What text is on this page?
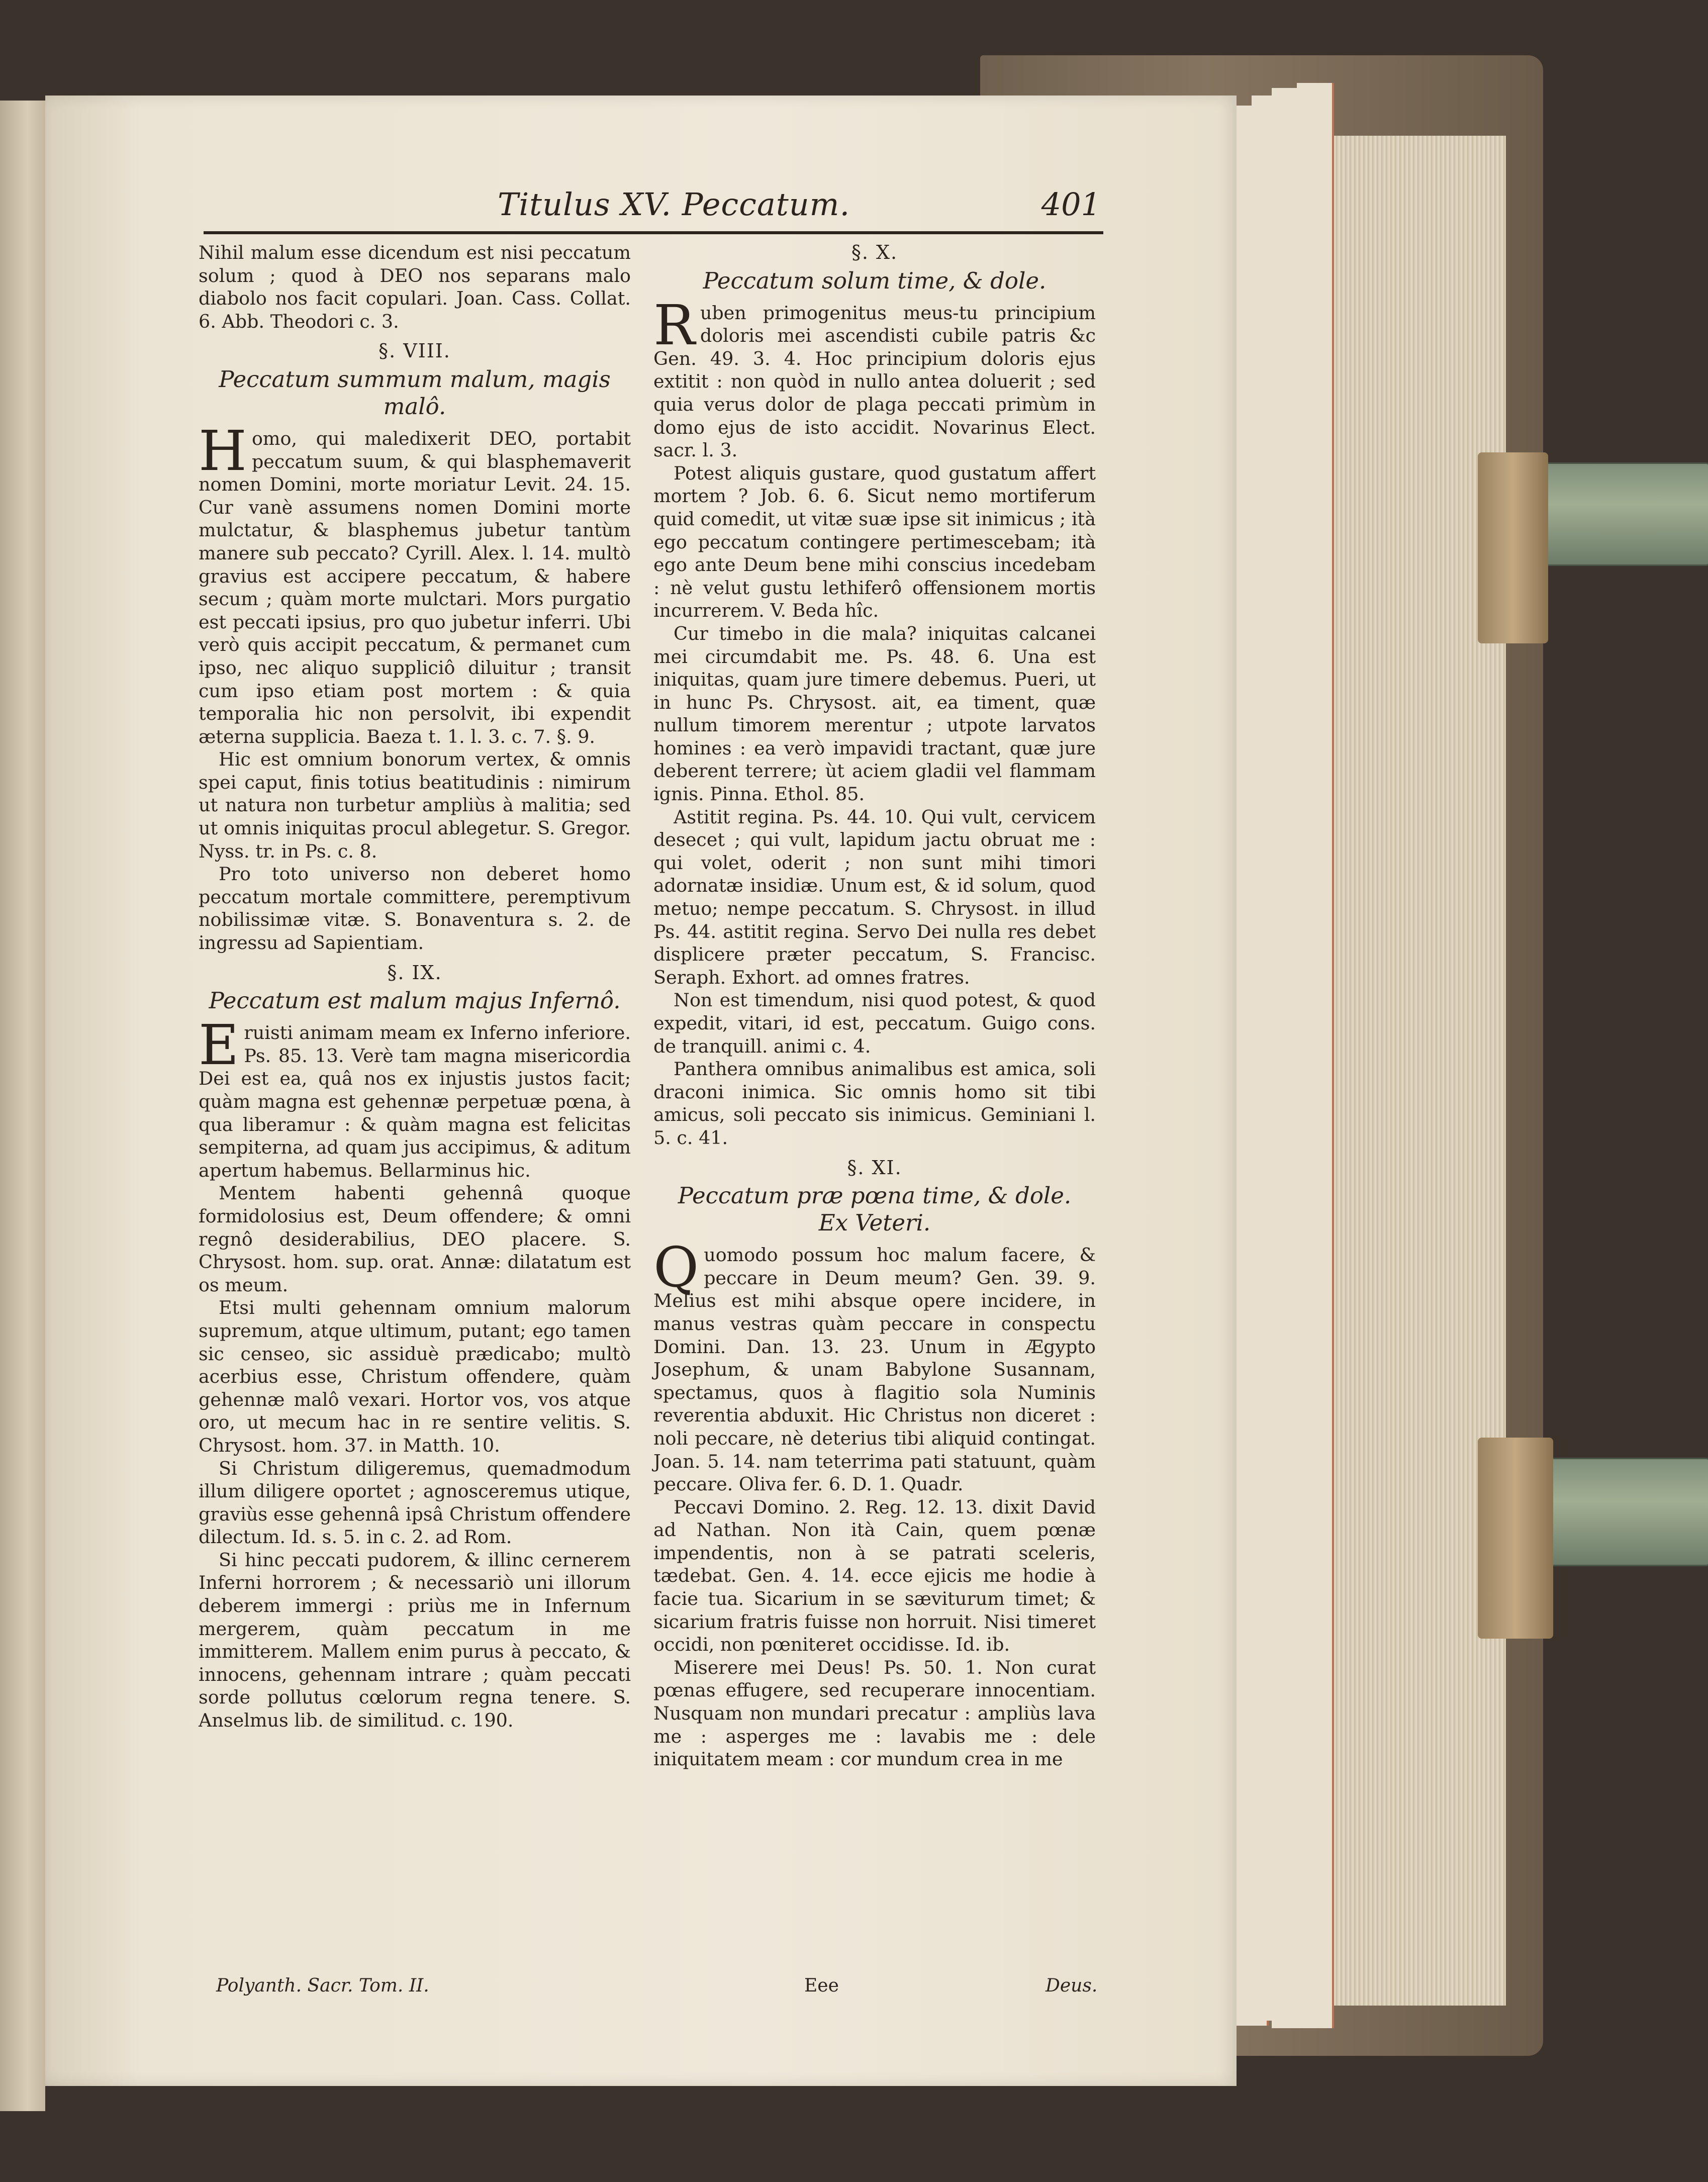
Titulus XV. Peccatum.	401

Nihil malum esse dicendum est nisi peccatum solum ; quod à DEO nos separans malo diabolo nos facit copulari. Joan. Cass. Collat. 6. Abb. Theodori c. 3.

§. VIII.
Peccatum summum malum, magis malô.

Homo, qui maledixerit DEO, portabit peccatum suum, & qui blasphemaverit nomen Domini, morte moriatur Levit. 24. 15. Cur vanè assumens nomen Domini morte mulctatur, & blasphemus jubetur tantùm manere sub peccato? Cyrill. Alex. l. 14. multò gravius est accipere peccatum, & habere secum ; quàm morte mulctari. Mors purgatio est peccati ipsius, pro quo jubetur inferri. Ubi verò quis accipit peccatum, & permanet cum ipso, nec aliquo suppliciô diluitur ; transit cum ipso etiam post mortem : & quia temporalia hic non persolvit, ibi expendit æterna supplicia. Baeza t. 1. l. 3. c. 7. §. 9.

Hic est omnium bonorum vertex, & omnis spei caput, finis totius beatitudinis : nimirum ut natura non turbetur ampliùs à malitia; sed ut omnis iniquitas procul ablegetur. S. Gregor. Nyss. tr. in Ps. c. 8.

Pro toto universo non deberet homo peccatum mortale committere, peremptivum nobilissimæ vitæ. S. Bonaventura s. 2. de ingressu ad Sapientiam.

§. IX.
Peccatum est malum majus Infernô.

Eruisti animam meam ex Inferno inferiore. Ps. 85. 13. Verè tam magna misericordia Dei est ea, quâ nos ex injustis justos facit; quàm magna est gehennæ perpetuæ pœna, à qua liberamur : & quàm magna est felicitas sempiterna, ad quam jus accipimus, & aditum apertum habemus. Bellarminus hic.

Mentem habenti gehennâ quoque formidolosius est, Deum offendere; & omni regnô desiderabilius, DEO placere. S. Chrysost. hom. sup. orat. Annæ: dilatatum est os meum.

Etsi multi gehennam omnium malorum supremum, atque ultimum, putant; ego tamen sic censeo, sic assiduè prædicabo; multò acerbius esse, Christum offendere, quàm gehennæ malô vexari. Hortor vos, vos atque oro, ut mecum hac in re sentire velitis. S. Chrysost. hom. 37. in Matth. 10.

Si Christum diligeremus, quemadmodum illum diligere oportet ; agnosceremus utique, graviùs esse gehennâ ipsâ Christum offendere dilectum. Id. s. 5. in c. 2. ad Rom.

Si hinc peccati pudorem, & illinc cernerem Inferni horrorem ; & necessariò uni illorum deberem immergi : priùs me in Infernum mergerem, quàm peccatum in me immitterem. Mallem enim purus à peccato, & innocens, gehennam intrare ; quàm peccati sorde pollutus cœlorum regna tenere. S. Anselmus lib. de similitud. c. 190.

§. X.
Peccatum solum time, & dole.

Ruben primogenitus meus-tu principium doloris mei ascendisti cubile patris &c Gen. 49. 3. 4. Hoc principium doloris ejus extitit : non quòd in nullo antea doluerit ; sed quia verus dolor de plaga peccati primùm in domo ejus de isto accidit. Novarinus Elect. sacr. l. 3.

Potest aliquis gustare, quod gustatum affert mortem ? Job. 6. 6. Sicut nemo mortiferum quid comedit, ut vitæ suæ ipse sit inimicus ; ità ego peccatum contingere pertimescebam; ità ego ante Deum bene mihi conscius incedebam : nè velut gustu lethiferô offensionem mortis incurrerem. V. Beda hîc.

Cur timebo in die mala? iniquitas calcanei mei circumdabit me. Ps. 48. 6. Una est iniquitas, quam jure timere debemus. Pueri, ut in hunc Ps. Chrysost. ait, ea timent, quæ nullum timorem merentur ; utpote larvatos homines : ea verò impavidi tractant, quæ jure deberent terrere; ùt aciem gladii vel flammam ignis. Pinna. Ethol. 85.

Astitit regina. Ps. 44. 10. Qui vult, cervicem desecet ; qui vult, lapidum jactu obruat me : qui volet, oderit ; non sunt mihi timori adornatæ insidiæ. Unum est, & id solum, quod metuo; nempe peccatum. S. Chrysost. in illud Ps. 44. astitit regina. Servo Dei nulla res debet displicere præter peccatum, S. Francisc. Seraph. Exhort. ad omnes fratres.

Non est timendum, nisi quod potest, & quod expedit, vitari, id est, peccatum. Guigo cons. de tranquill. animi c. 4.

Panthera omnibus animalibus est amica, soli draconi inimica. Sic omnis homo sit tibi amicus, soli peccato sis inimicus. Geminiani l. 5. c. 41.

§. XI.
Peccatum præ pœna time, & dole.
Ex Veteri.

Quomodo possum hoc malum facere, & peccare in Deum meum? Gen. 39. 9. Melius est mihi absque opere incidere, in manus vestras quàm peccare in conspectu Domini. Dan. 13. 23. Unum in Ægypto Josephum, & unam Babylone Susannam, spectamus, quos à flagitio sola Numinis reverentia abduxit. Hic Christus non diceret : noli peccare, nè deterius tibi aliquid contingat. Joan. 5. 14. nam teterrima pati statuunt, quàm peccare. Oliva fer. 6. D. 1. Quadr.

Peccavi Domino. 2. Reg. 12. 13. dixit David ad Nathan. Non ità Cain, quem pœnæ impendentis, non à se patrati sceleris, tædebat. Gen. 4. 14. ecce ejicis me hodie à facie tua. Sicarium in se sæviturum timet; & sicarium fratris fuisse non horruit. Nisi timeret occidi, non pœniteret occidisse. Id. ib.

Miserere mei Deus! Ps. 50. 1. Non curat pœnas effugere, sed recuperare innocentiam. Nusquam non mundari precatur : ampliùs lava me : asperges me : lavabis me : dele iniquitatem meam : cor mundum crea in me

Polyanth. Sacr. Tom. II.	Eee	Deus.
